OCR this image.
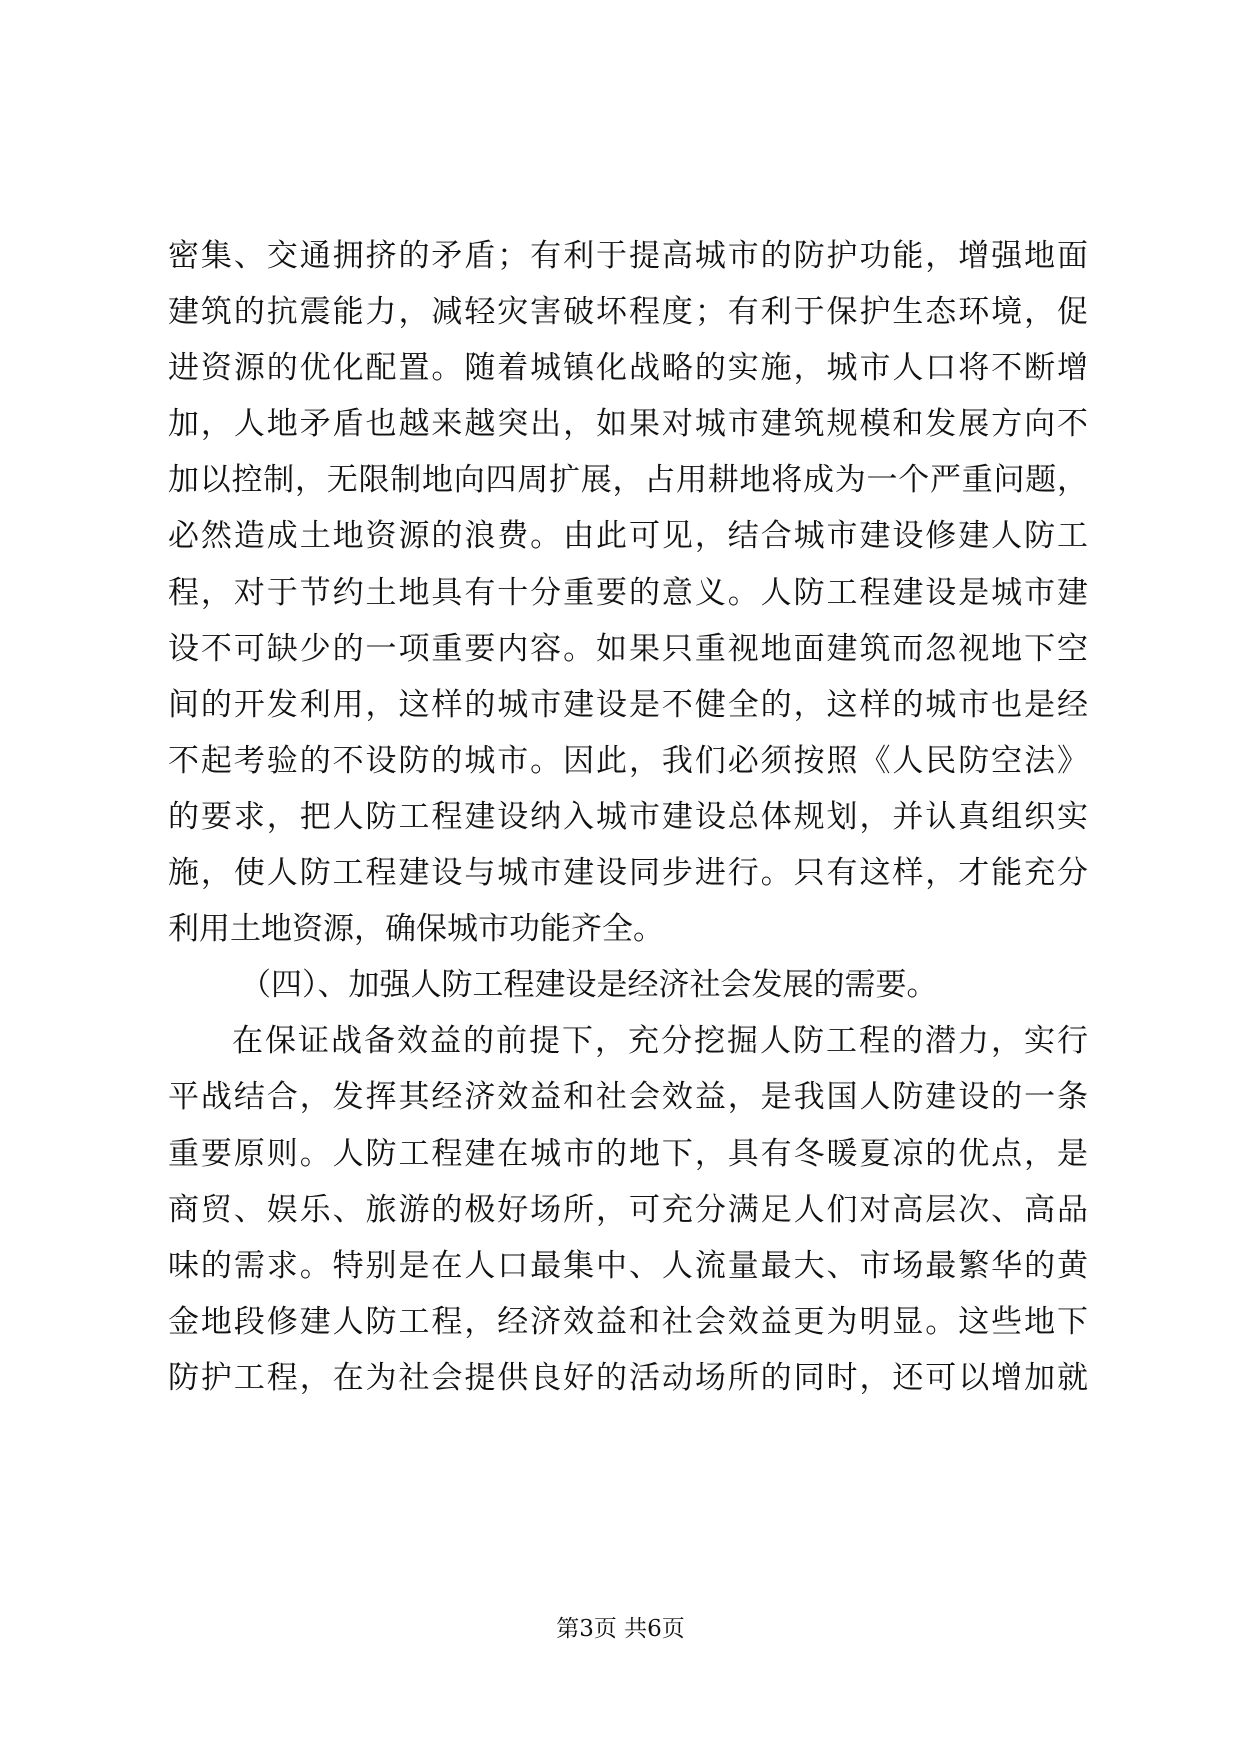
密集、交通拥挤的矛盾；有利于提高城市的防护功能，增强地面
建筑的抗震能力，减轻灾害破坏程度；有利于保护生态环境，促
进资源的优化配置。随着城镇化战略的实施，城市人口将不断增
加，人地矛盾也越来越突出，如果对城市建筑规模和发展方向不
加以控制，无限制地向四周扩展，占用耕地将成为一个严重问题，
必然造成土地资源的浪费。由此可见，结合城市建设修建人防工
程，对于节约土地具有十分重要的意义。人防工程建设是城市建
设不可缺少的一项重要内容。如果只重视地面建筑而忽视地下空
间的开发利用，这样的城市建设是不健全的，这样的城市也是经
不起考验的不设防的城市。因此，我们必须按照《人民防空法》
的要求，把人防工程建设纳入城市建设总体规划，并认真组织实
施，使人防工程建设与城市建设同步进行。只有这样，才能充分
利用土地资源，确保城市功能齐全。
（四）、加强人防工程建设是经济社会发展的需要。
在保证战备效益的前提下，充分挖掘人防工程的潜力，实行
平战结合，发挥其经济效益和社会效益，是我国人防建设的一条
重要原则。人防工程建在城市的地下，具有冬暖夏凉的优点，是
商贸、娱乐、旅游的极好场所，可充分满足人们对高层次、高品
味的需求。特别是在人口最集中、人流量最大、市场最繁华的黄
金地段修建人防工程，经济效益和社会效益更为明显。这些地下
防护工程，在为社会提供良好的活动场所的同时，还可以增加就
第3页 共6页
